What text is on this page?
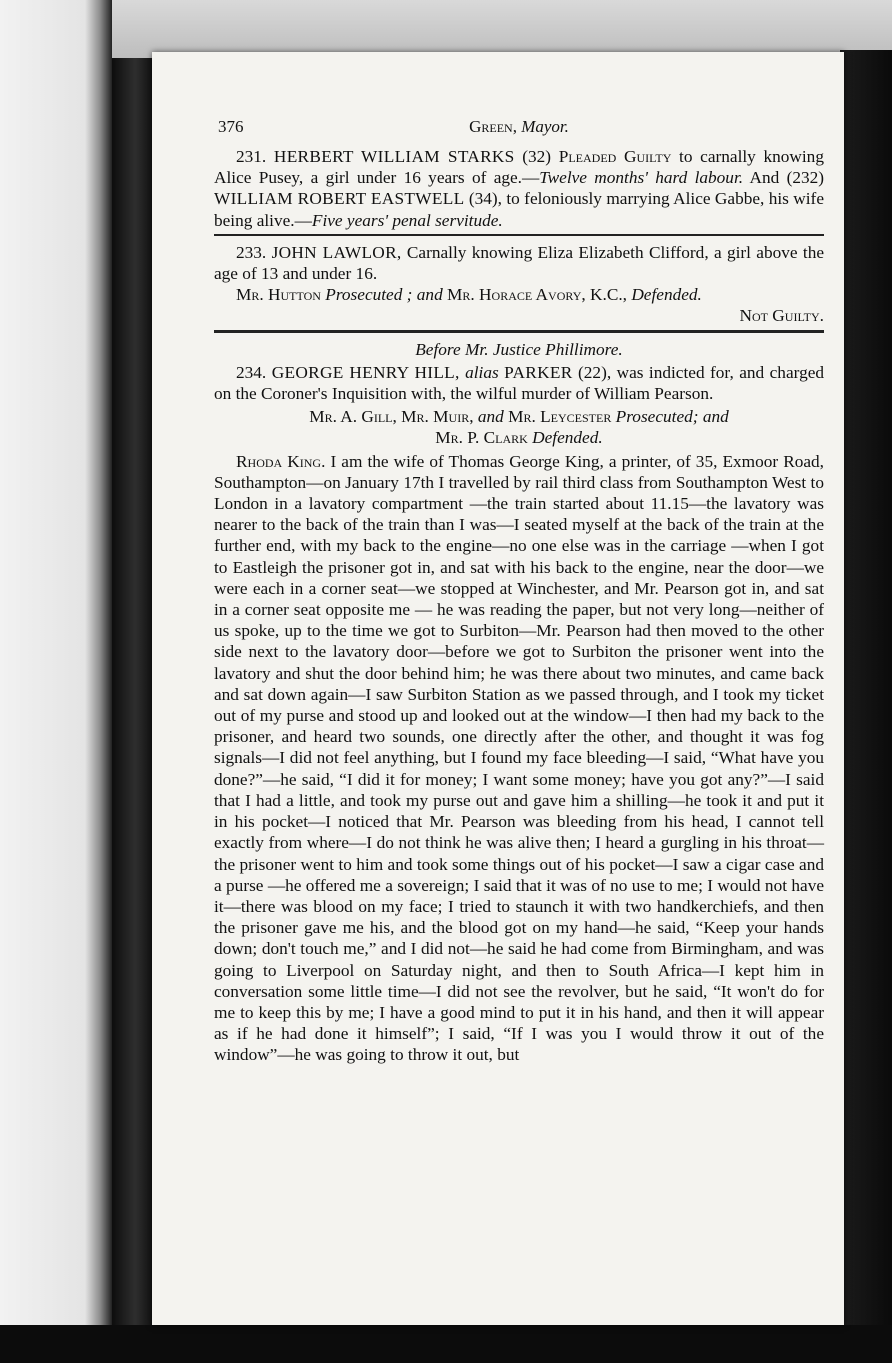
376	Green, Mayor.

231. HERBERT WILLIAM STARKS (32) Pleaded Guilty to carnally knowing Alice Pusey, a girl under 16 years of age.—Twelve months' hard labour. And (232) WILLIAM ROBERT EASTWELL (34), to feloniously marrying Alice Gabbe, his wife being alive.—Five years' penal servitude.

233. JOHN LAWLOR, Carnally knowing Eliza Elizabeth Clifford, a girl above the age of 13 and under 16.

Mr. Hutton Prosecuted ; and Mr. Horace Avory, K.C., Defended.

Not Guilty.

Before Mr. Justice Phillimore.

234. GEORGE HENRY HILL, alias PARKER (22), was indicted for, and charged on the Coroner's Inquisition with, the wilful murder of William Pearson.

Mr. A. Gill, Mr. Muir, and Mr. Leycester Prosecuted; and
Mr. P. Clark Defended.

Rhoda King. I am the wife of Thomas George King, a printer, of 35, Exmoor Road, Southampton—on January 17th I travelled by rail third class from Southampton West to London in a lavatory compartment —the train started about 11.15—the lavatory was nearer to the back of the train than I was—I seated myself at the back of the train at the further end, with my back to the engine—no one else was in the carriage —when I got to Eastleigh the prisoner got in, and sat with his back to the engine, near the door—we were each in a corner seat—we stopped at Winchester, and Mr. Pearson got in, and sat in a corner seat opposite me — he was reading the paper, but not very long—neither of us spoke, up to the time we got to Surbiton—Mr. Pearson had then moved to the other side next to the lavatory door—before we got to Surbiton the prisoner went into the lavatory and shut the door behind him; he was there about two minutes, and came back and sat down again—I saw Surbiton Station as we passed through, and I took my ticket out of my purse and stood up and looked out at the window—I then had my back to the prisoner, and heard two sounds, one directly after the other, and thought it was fog signals—I did not feel anything, but I found my face bleeding—I said, “What have you done?”—he said, “I did it for money; I want some money; have you got any?”—I said that I had a little, and took my purse out and gave him a shilling—he took it and put it in his pocket—I noticed that Mr. Pearson was bleeding from his head, I cannot tell exactly from where—I do not think he was alive then; I heard a gurgling in his throat—the prisoner went to him and took some things out of his pocket—I saw a cigar case and a purse —he offered me a sovereign; I said that it was of no use to me; I would not have it—there was blood on my face; I tried to staunch it with two handkerchiefs, and then the prisoner gave me his, and the blood got on my hand—he said, “Keep your hands down; don't touch me,” and I did not—he said he had come from Birmingham, and was going to Liverpool on Saturday night, and then to South Africa—I kept him in conversation some little time—I did not see the revolver, but he said, “It won't do for me to keep this by me; I have a good mind to put it in his hand, and then it will appear as if he had done it himself”; I said, “If I was you I would throw it out of the window”—he was going to throw it out, but
